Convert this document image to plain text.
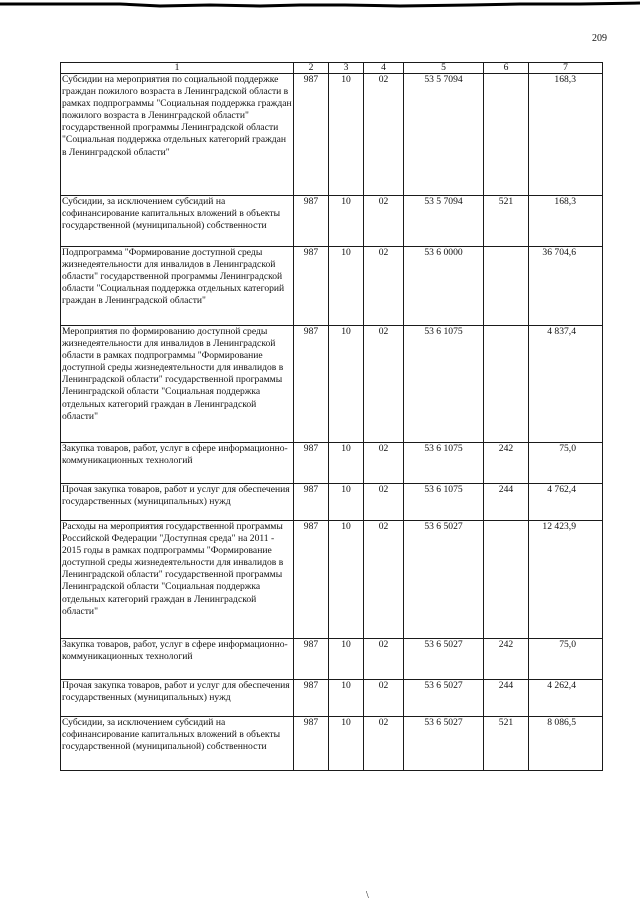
209
1	2	3	4	5	6	7
Субсидии на мероприятия по социальной поддержке граждан пожилого возраста в Ленинградской области в рамках подпрограммы "Социальная поддержка граждан пожилого возраста в Ленинградской области" государственной программы Ленинградской области "Социальная поддержка отдельных категорий граждан в Ленинградской области"	987	10	02	53 5 7094		168,3
Субсидии, за исключением субсидий на софинансирование капитальных вложений в объекты государственной (муниципальной) собственности	987	10	02	53 5 7094	521	168,3
Подпрограмма "Формирование доступной среды жизнедеятельности для инвалидов в Ленинградской области" государственной программы Ленинградской области "Социальная поддержка отдельных категорий граждан в Ленинградской области"	987	10	02	53 6 0000		36 704,6
Мероприятия по формированию доступной среды жизнедеятельности для инвалидов в Ленинградской области в рамках подпрограммы "Формирование доступной среды жизнедеятельности для инвалидов в Ленинградской области" государственной программы Ленинградской области "Социальная поддержка отдельных категорий граждан в Ленинградской области"	987	10	02	53 6 1075		4 837,4
Закупка товаров, работ, услуг в сфере информационно-коммуникационных технологий	987	10	02	53 6 1075	242	75,0
Прочая закупка товаров, работ и услуг для обеспечения государственных (муниципальных) нужд	987	10	02	53 6 1075	244	4 762,4
Расходы на мероприятия государственной программы Российской Федерации "Доступная среда" на 2011 - 2015 годы в рамках подпрограммы "Формирование доступной среды жизнедеятельности для инвалидов в Ленинградской области" государственной программы Ленинградской области "Социальная поддержка отдельных категорий граждан в Ленинградской области"	987	10	02	53 6 5027		12 423,9
Закупка товаров, работ, услуг в сфере информационно-коммуникационных технологий	987	10	02	53 6 5027	242	75,0
Прочая закупка товаров, работ и услуг для обеспечения государственных (муниципальных) нужд	987	10	02	53 6 5027	244	4 262,4
Субсидии, за исключением субсидий на софинансирование капитальных вложений в объекты государственной (муниципальной) собственности	987	10	02	53 6 5027	521	8 086,5
\
